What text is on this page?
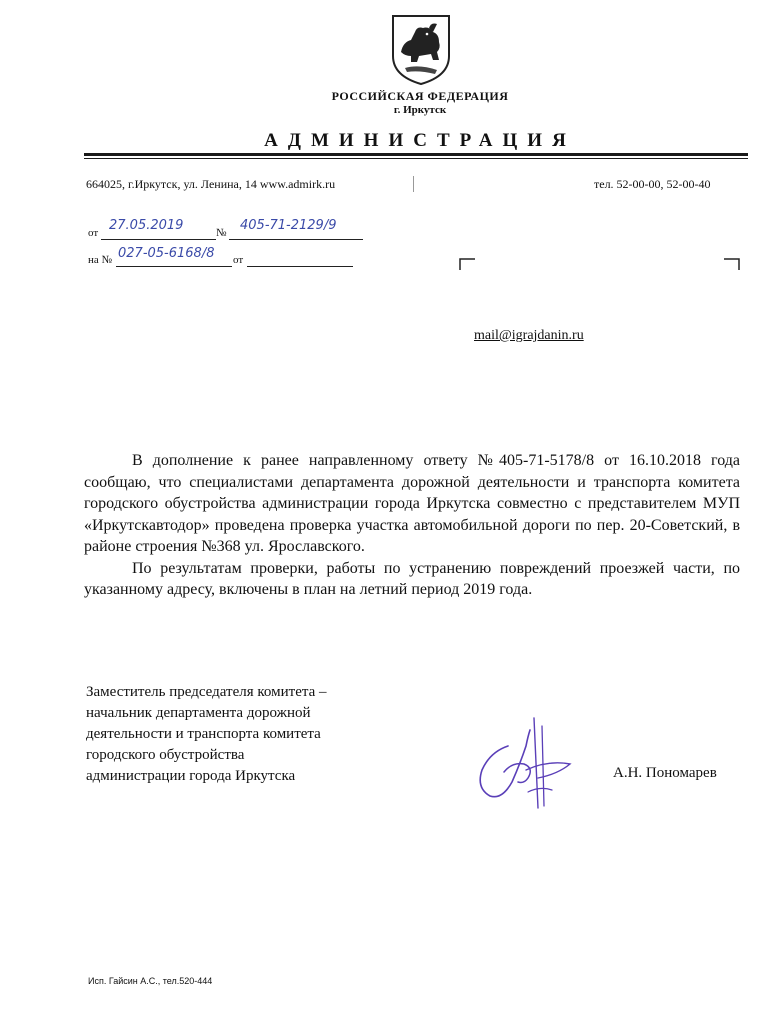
РОССИЙСКАЯ ФЕДЕРАЦИЯ
г. Иркутск
АДМИНИСТРАЦИЯ
664025, г.Иркутск, ул. Ленина, 14 www.admirk.ru	тел. 52-00-00, 52-00-40
от 27.05.2019	№ 405-71-2129/9
на № 027-05-6168/8 от
mail@igrajdanin.ru

В дополнение к ранее направленному ответу №405-71-5178/8 от 16.10.2018 года сообщаю, что специалистами департамента дорожной деятельности и транспорта комитета городского обустройства администрации города Иркутска совместно с представителем МУП «Иркутскавтодор» проведена проверка участка автомобильной дороги по пер. 20-Советский, в районе строения №368 ул. Ярославского.

По результатам проверки, работы по устранению повреждений проезжей части, по указанному адресу, включены в план на летний период 2019 года.

Заместитель председателя комитета –
начальник департамента дорожной
деятельности и транспорта комитета
городского обустройства
администрации города Иркутска	А.Н. Пономарев
Исп. Гайсин А.С., тел.520-444
